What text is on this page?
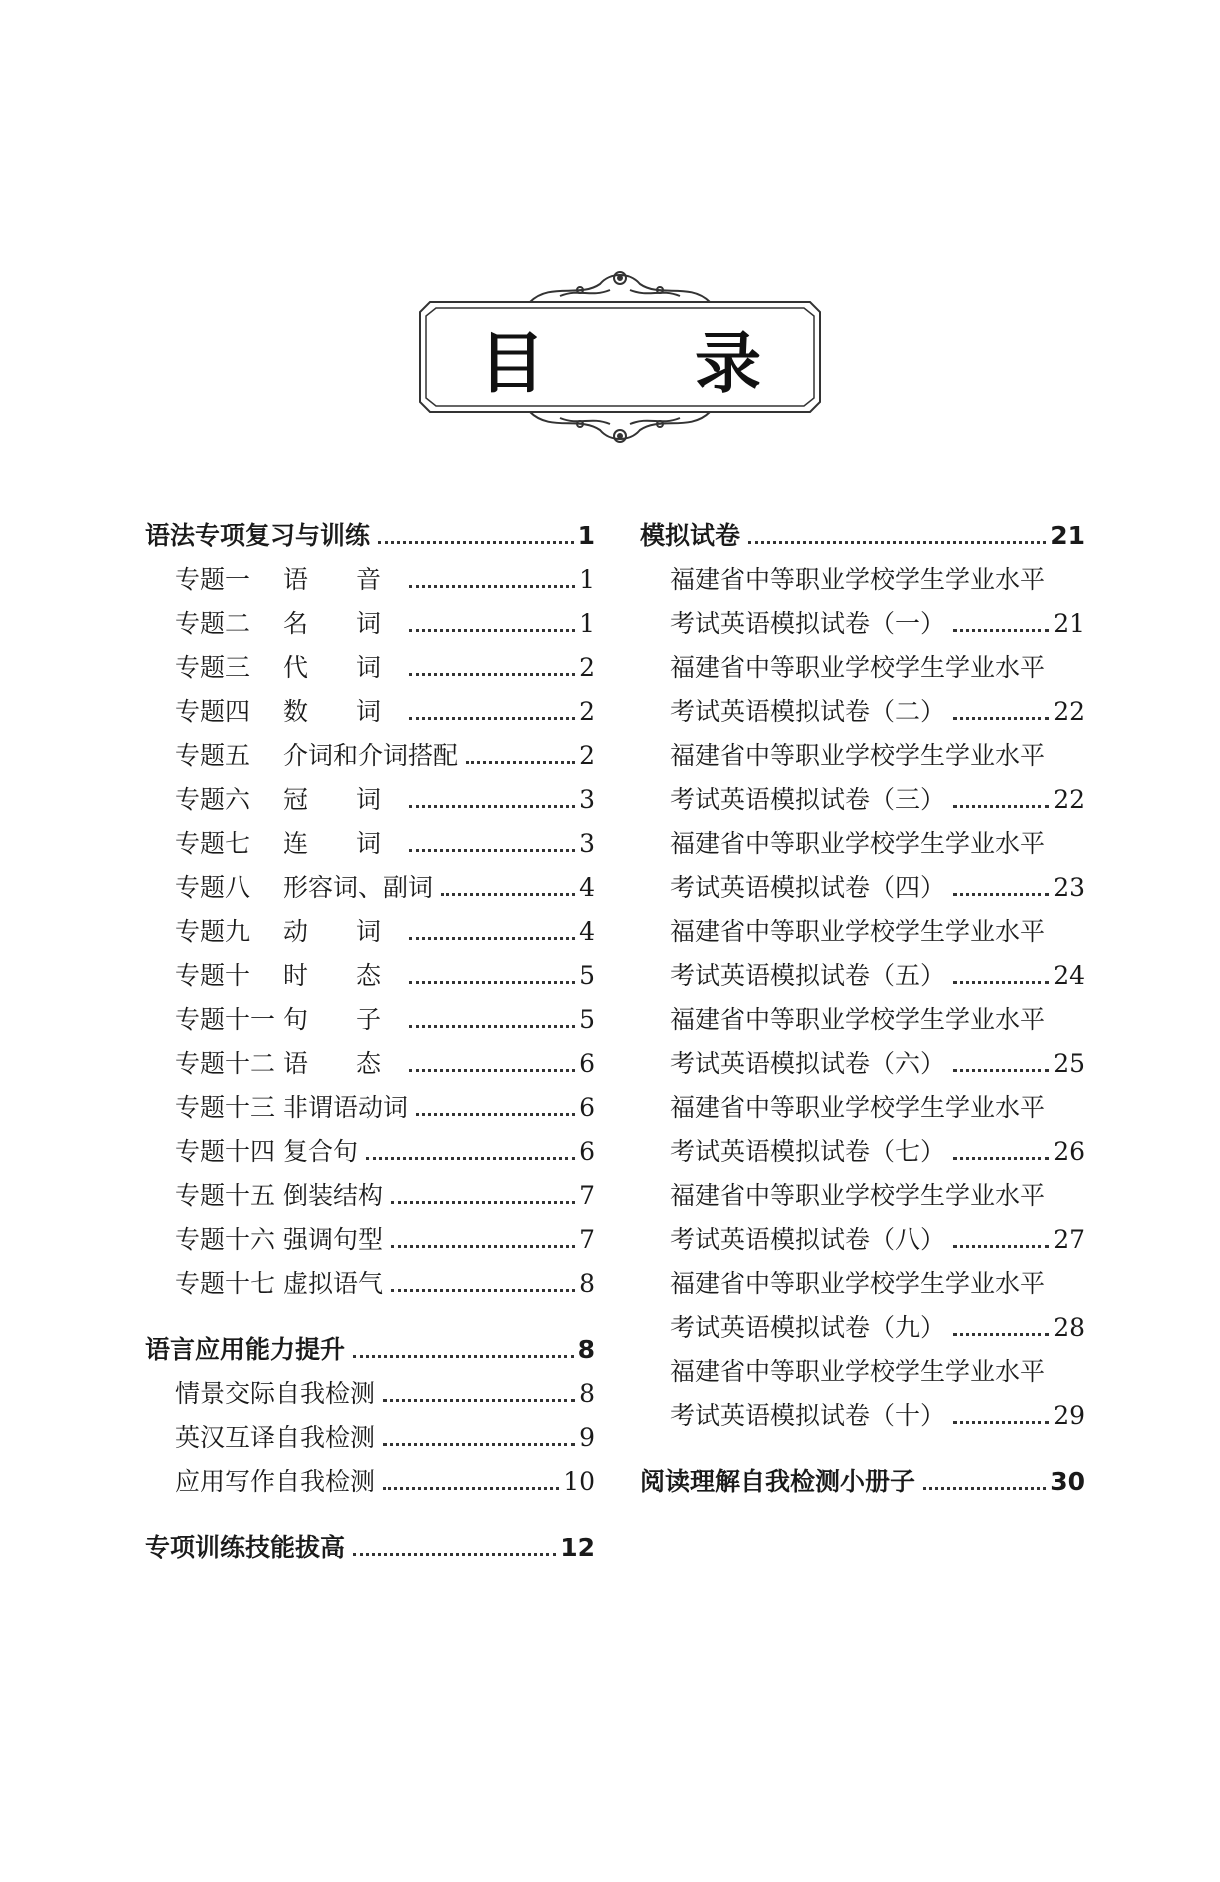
目 录
语法专项复习与训练	1
专题一 语 音	1
专题二 名 词	1
专题三 代 词	2
专题四 数 词	2
专题五 介词和介词搭配	2
专题六 冠 词	3
专题七 连 词	3
专题八 形容词、副词	4
专题九 动 词	4
专题十 时 态	5
专题十一 句 子	5
专题十二 语 态	6
专题十三 非谓语动词	6
专题十四 复合句	6
专题十五 倒装结构	7
专题十六 强调句型	7
专题十七 虚拟语气	8
语言应用能力提升	8
情景交际自我检测	8
英汉互译自我检测	9
应用写作自我检测	10
专项训练技能拔高	12
模拟试卷	21
福建省中等职业学校学生学业水平
考试英语模拟试卷（一）	21
福建省中等职业学校学生学业水平
考试英语模拟试卷（二）	22
福建省中等职业学校学生学业水平
考试英语模拟试卷（三）	22
福建省中等职业学校学生学业水平
考试英语模拟试卷（四）	23
福建省中等职业学校学生学业水平
考试英语模拟试卷（五）	24
福建省中等职业学校学生学业水平
考试英语模拟试卷（六）	25
福建省中等职业学校学生学业水平
考试英语模拟试卷（七）	26
福建省中等职业学校学生学业水平
考试英语模拟试卷（八）	27
福建省中等职业学校学生学业水平
考试英语模拟试卷（九）	28
福建省中等职业学校学生学业水平
考试英语模拟试卷（十）	29
阅读理解自我检测小册子	30
